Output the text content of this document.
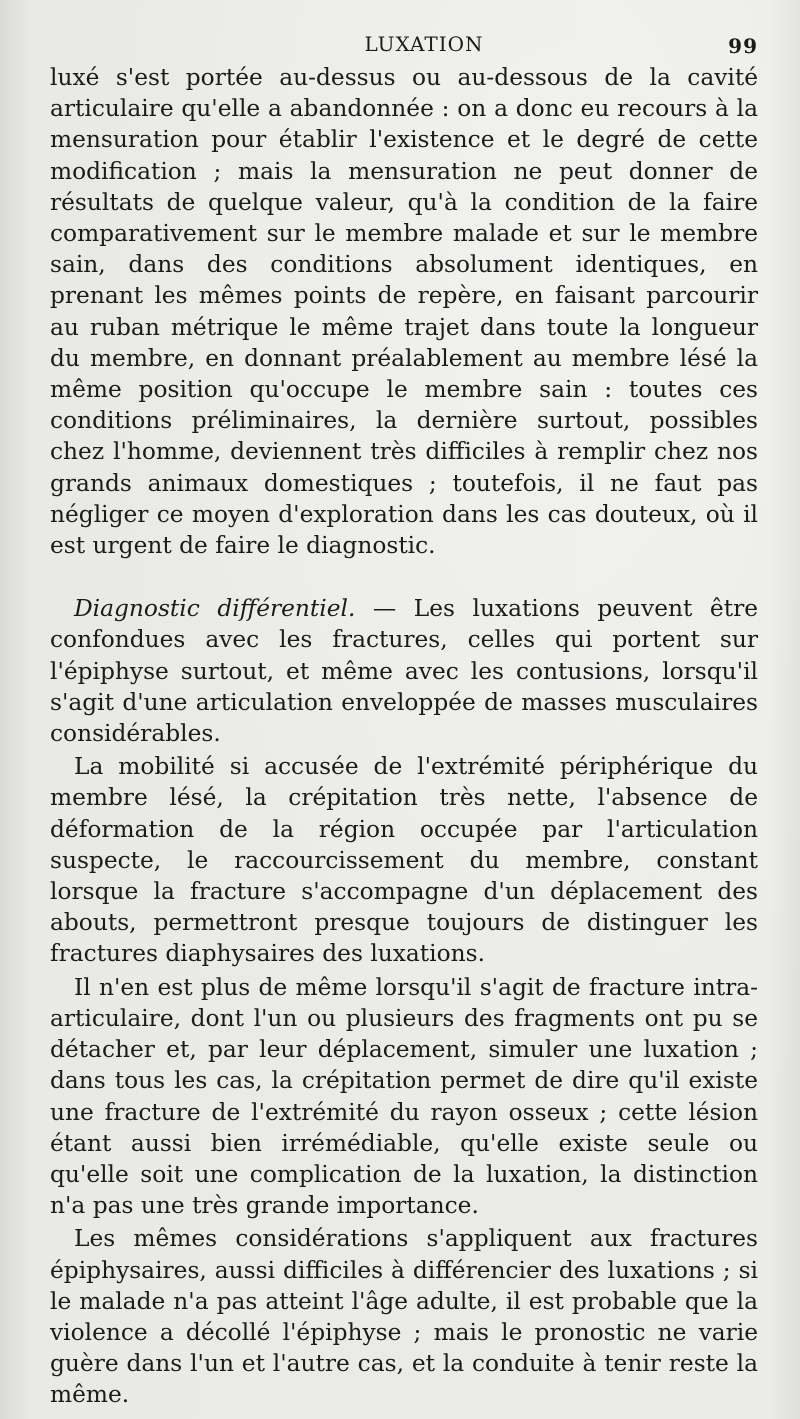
LUXATION	99

luxé s'est portée au-dessus ou au-dessous de la cavité articulaire qu'elle a abandonnée : on a donc eu recours à la mensuration pour établir l'existence et le degré de cette modification ; mais la mensuration ne peut donner de résultats de quelque valeur, qu'à la condition de la faire comparativement sur le membre malade et sur le membre sain, dans des conditions absolument identiques, en prenant les mêmes points de repère, en faisant parcourir au ruban métrique le même trajet dans toute la longueur du membre, en donnant préalablement au membre lésé la même position qu'occupe le membre sain : toutes ces conditions préliminaires, la dernière surtout, possibles chez l'homme, deviennent très difficiles à remplir chez nos grands animaux domestiques ; toutefois, il ne faut pas négliger ce moyen d'exploration dans les cas douteux, où il est urgent de faire le diagnostic.

Diagnostic différentiel. — Les luxations peuvent être confondues avec les fractures, celles qui portent sur l'épiphyse surtout, et même avec les contusions, lorsqu'il s'agit d'une articulation enveloppée de masses musculaires considérables.

La mobilité si accusée de l'extrémité périphérique du membre lésé, la crépitation très nette, l'absence de déformation de la région occupée par l'articulation suspecte, le raccourcissement du membre, constant lorsque la fracture s'accompagne d'un déplacement des abouts, permettront presque toujours de distinguer les fractures diaphysaires des luxations.

Il n'en est plus de même lorsqu'il s'agit de fracture intra-articulaire, dont l'un ou plusieurs des fragments ont pu se détacher et, par leur déplacement, simuler une luxation ; dans tous les cas, la crépitation permet de dire qu'il existe une fracture de l'extrémité du rayon osseux ; cette lésion étant aussi bien irrémédiable, qu'elle existe seule ou qu'elle soit une complication de la luxation, la distinction n'a pas une très grande importance.

Les mêmes considérations s'appliquent aux fractures épiphysaires, aussi difficiles à différencier des luxations ; si le malade n'a pas atteint l'âge adulte, il est probable que la violence a décollé l'épiphyse ; mais le pronostic ne varie guère dans l'un et l'autre cas, et la conduite à tenir reste la même.
